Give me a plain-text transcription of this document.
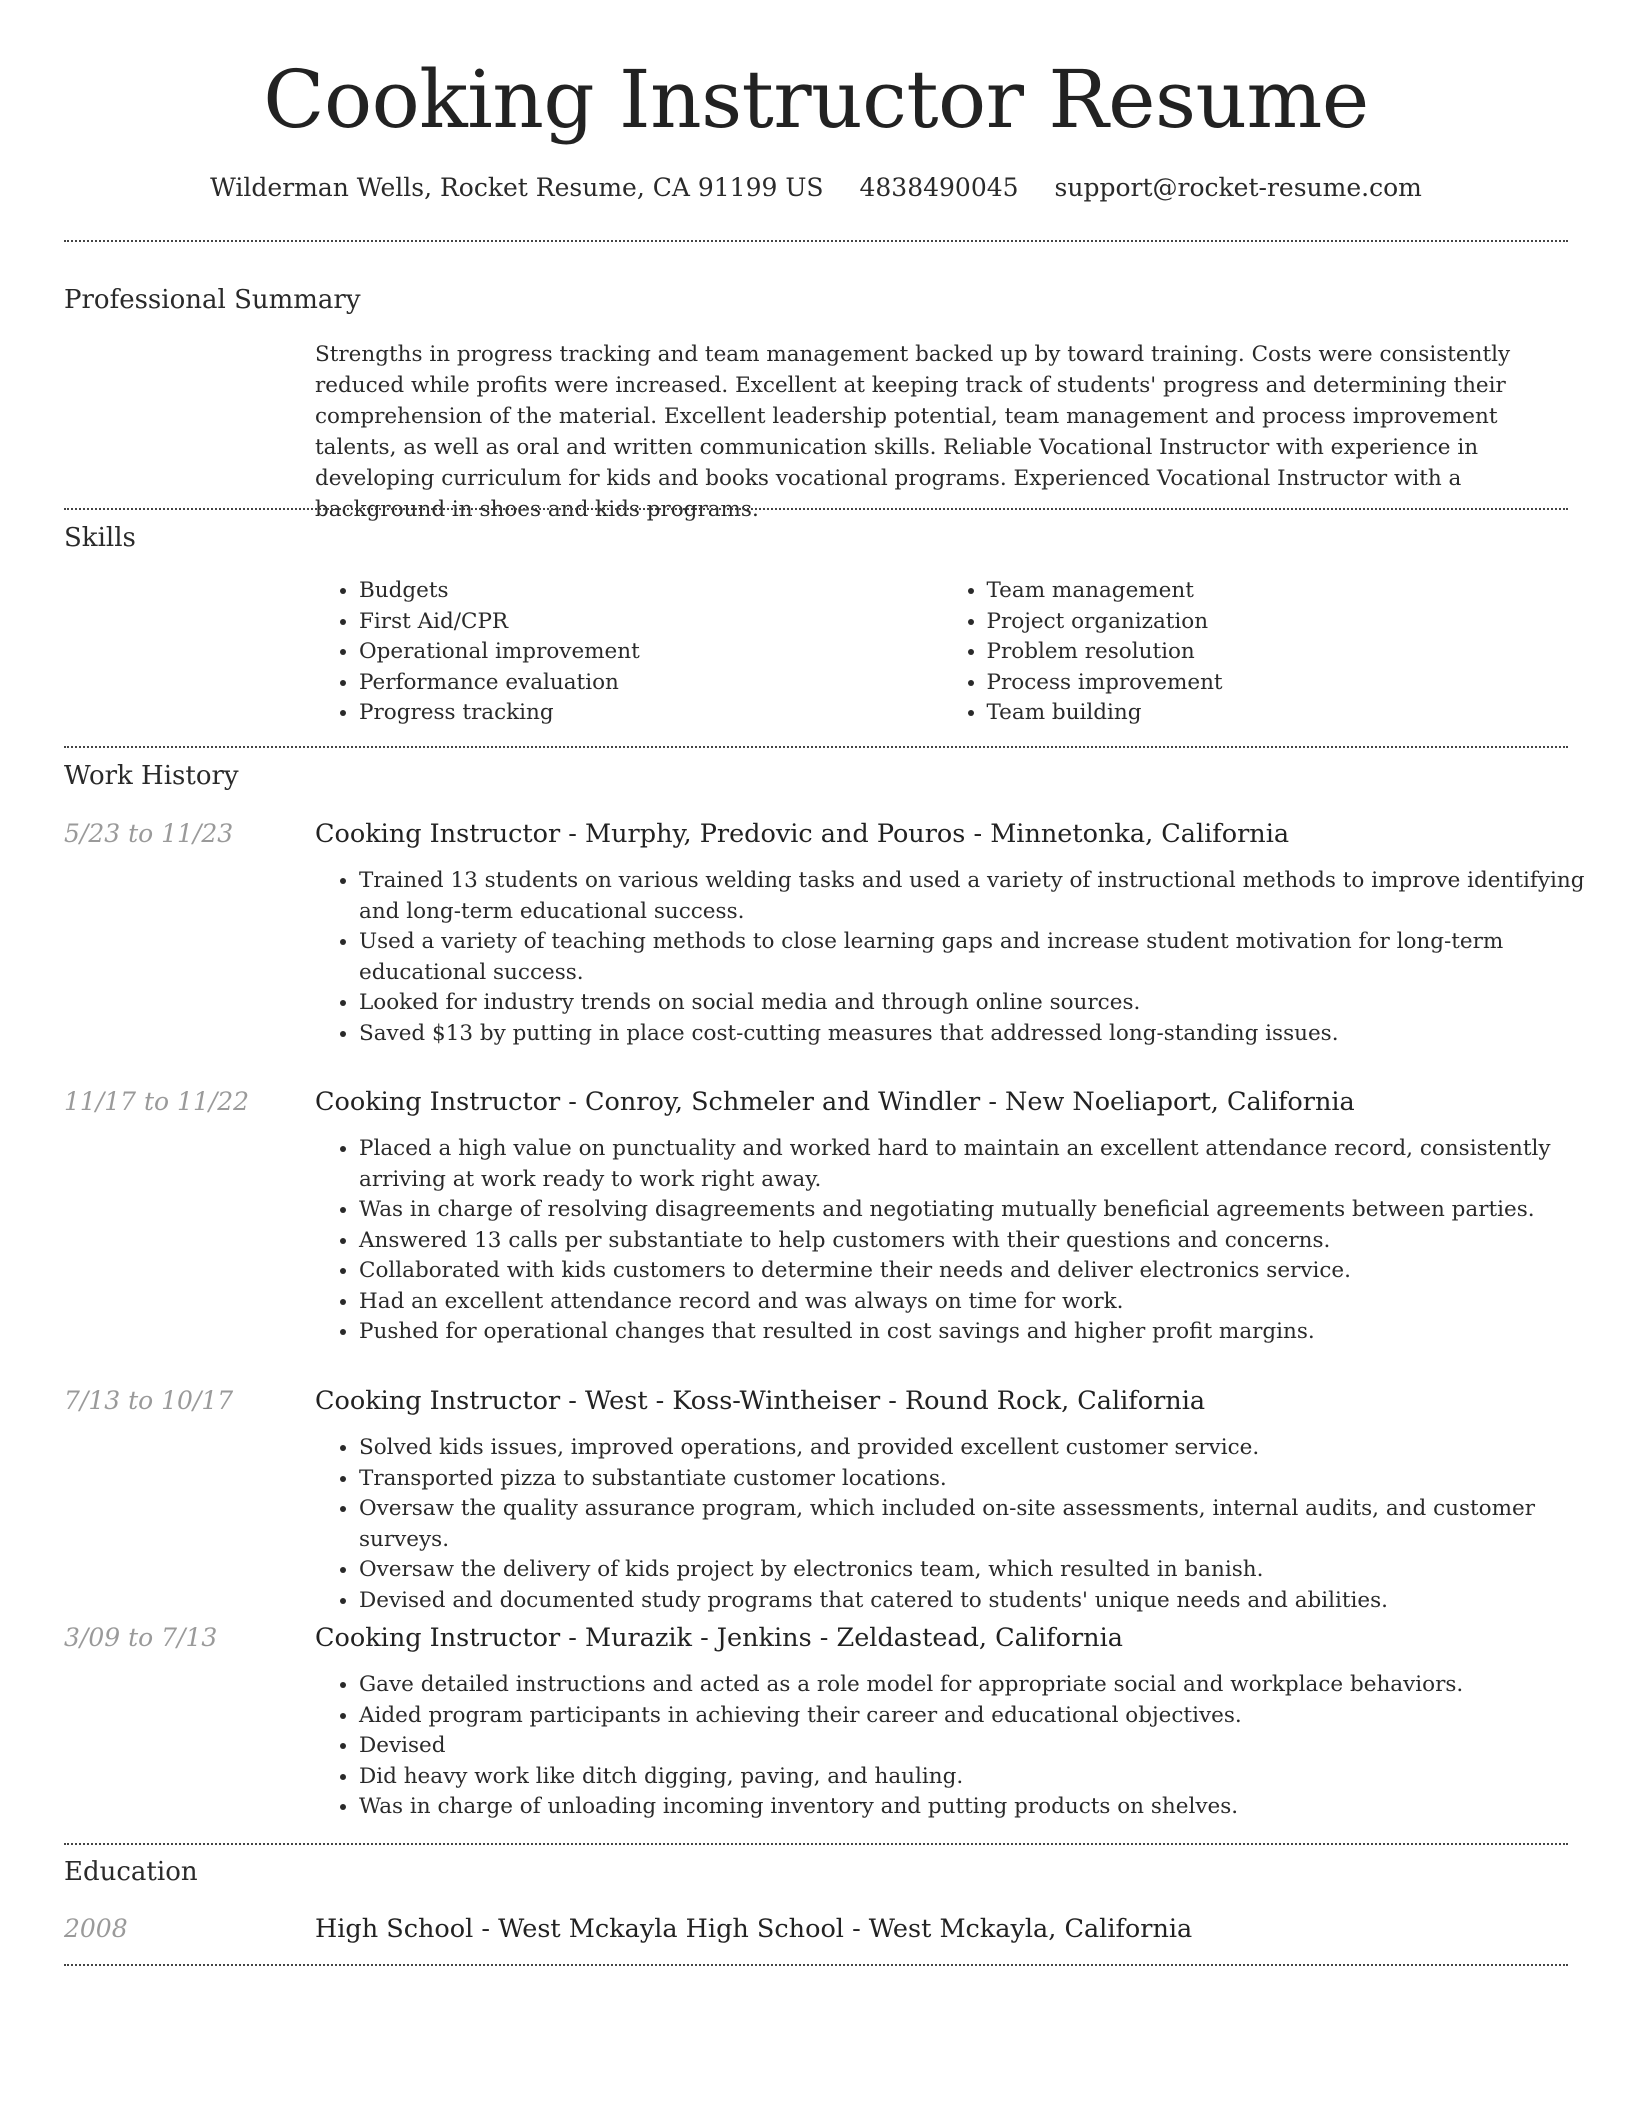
Cooking Instructor Resume
Wilderman Wells, Rocket Resume, CA 91199 US 4838490045 support@rocket-resume.com
Professional Summary

Strengths in progress tracking and team management backed up by toward training. Costs were consistently reduced while profits were increased. Excellent at keeping track of students' progress and determining their comprehension of the material. Excellent leadership potential, team management and process improvement talents, as well as oral and written communication skills. Reliable Vocational Instructor with experience in developing curriculum for kids and books vocational programs. Experienced Vocational Instructor with a background in shoes and kids programs.

Skills
• Budgets
• First Aid/CPR
• Operational improvement
• Performance evaluation
• Progress tracking
• Team management
• Project organization
• Problem resolution
• Process improvement
• Team building
Work History
5/23 to 11/23	Cooking Instructor - Murphy, Predovic and Pouros - Minnetonka, California
• Trained 13 students on various welding tasks and used a variety of instructional methods to improve identifying and long-term educational success.
• Used a variety of teaching methods to close learning gaps and increase student motivation for long-term educational success.
• Looked for industry trends on social media and through online sources.
• Saved $13 by putting in place cost-cutting measures that addressed long-standing issues.
11/17 to 11/22	Cooking Instructor - Conroy, Schmeler and Windler - New Noeliaport, California
• Placed a high value on punctuality and worked hard to maintain an excellent attendance record, consistently arriving at work ready to work right away.
• Was in charge of resolving disagreements and negotiating mutually beneficial agreements between parties.
• Answered 13 calls per substantiate to help customers with their questions and concerns.
• Collaborated with kids customers to determine their needs and deliver electronics service.
• Had an excellent attendance record and was always on time for work.
• Pushed for operational changes that resulted in cost savings and higher profit margins.
7/13 to 10/17	Cooking Instructor - West - Koss-Wintheiser - Round Rock, California
• Solved kids issues, improved operations, and provided excellent customer service.
• Transported pizza to substantiate customer locations.
• Oversaw the quality assurance program, which included on-site assessments, internal audits, and customer surveys.
• Oversaw the delivery of kids project by electronics team, which resulted in banish.
• Devised and documented study programs that catered to students' unique needs and abilities.
3/09 to 7/13	Cooking Instructor - Murazik - Jenkins - Zeldastead, California
• Gave detailed instructions and acted as a role model for appropriate social and workplace behaviors.
• Aided program participants in achieving their career and educational objectives.
• Devised
• Did heavy work like ditch digging, paving, and hauling.
• Was in charge of unloading incoming inventory and putting products on shelves.
Education
2008	High School - West Mckayla High School - West Mckayla, California
